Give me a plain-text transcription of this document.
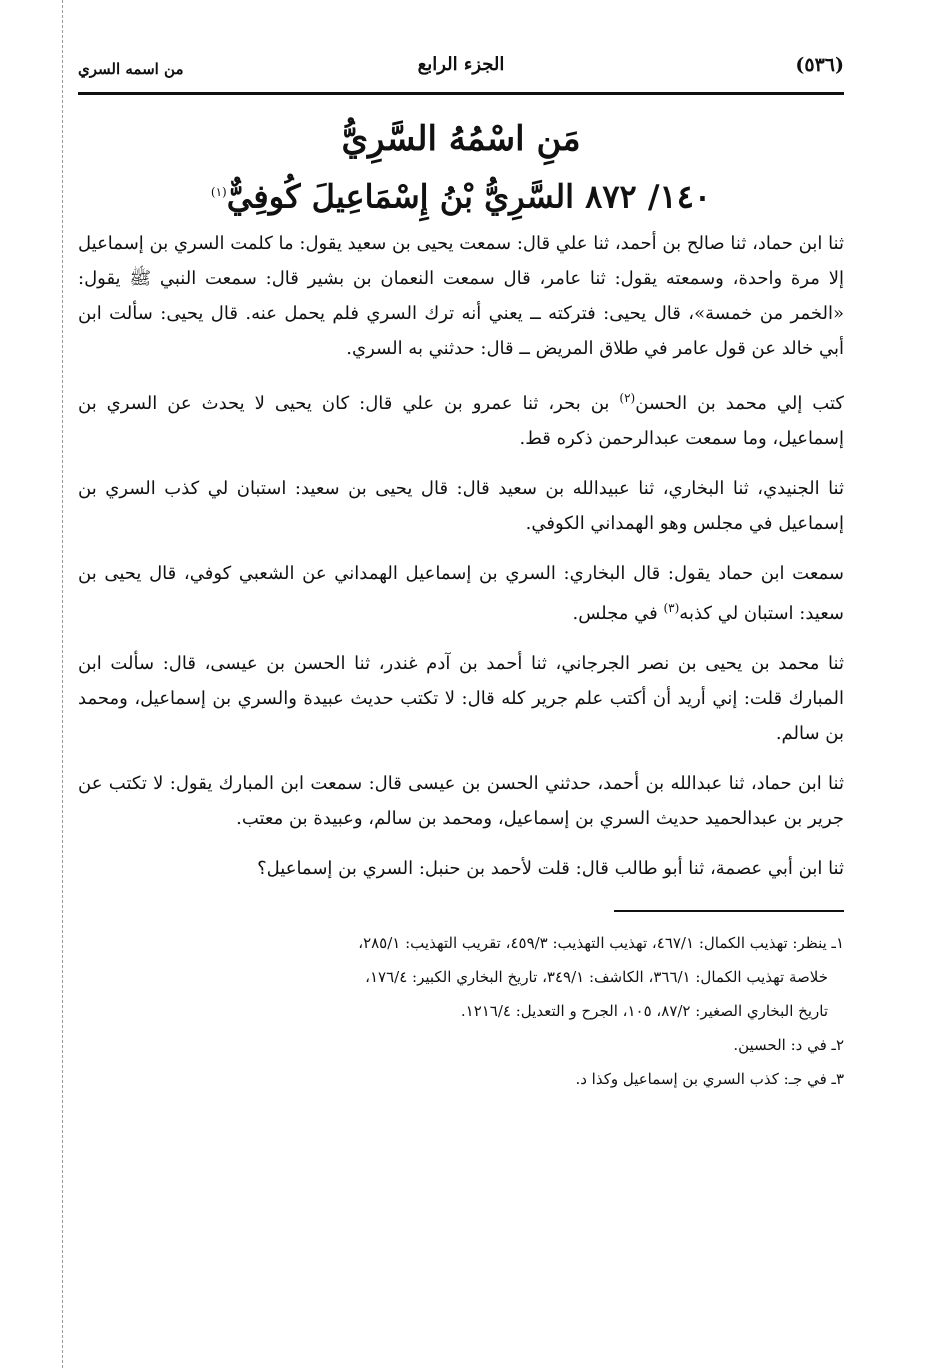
(٥٣٦)
الجزء الرابع
من اسمه السري
مَنِ اسْمُهُ السَّرِيُّ
١٤٠/ ٨٧٢ السَّرِيُّ بْنُ إِسْمَاعِيلَ كُوفِيٌّ$^{(١)}$

ثنا ابن حماد، ثنا صالح بن أحمد، ثنا علي قال: سمعت يحيى بن سعيد يقول: ما كلمت السري بن إسماعيل إلا مرة واحدة، وسمعته يقول: ثنا عامر، قال سمعت النعمان بن بشير قال: سمعت النبي ﷺ يقول: «الخمر من خمسة»، قال يحيى: فتركته ــ يعني أنه ترك السري فلم يحمل عنه. قال يحيى: سألت ابن أبي خالد عن قول عامر في طلاق المريض ــ قال: حدثني به السري.

كتب إلي محمد بن الحسن$^{(٢)}$ بن بحر، ثنا عمرو بن علي قال: كان يحيى لا يحدث عن السري بن إسماعيل، وما سمعت عبدالرحمن ذكره قط.

ثنا الجنيدي، ثنا البخاري، ثنا عبيدالله بن سعيد قال: قال يحيى بن سعيد: استبان لي كذب السري بن إسماعيل في مجلس وهو الهمداني الكوفي.

سمعت ابن حماد يقول: قال البخاري: السري بن إسماعيل الهمداني عن الشعبي كوفي، قال يحيى بن سعيد: استبان لي كذبه$^{(٣)}$ في مجلس.

ثنا محمد بن يحيى بن نصر الجرجاني، ثنا أحمد بن آدم غندر، ثنا الحسن بن عيسى، قال: سألت ابن المبارك قلت: إني أريد أن أكتب علم جرير كله قال: لا تكتب حديث عبيدة والسري بن إسماعيل، ومحمد بن سالم.

ثنا ابن حماد، ثنا عبدالله بن أحمد، حدثني الحسن بن عيسى قال: سمعت ابن المبارك يقول: لا تكتب عن جرير بن عبدالحميد حديث السري بن إسماعيل، ومحمد بن سالم، وعبيدة بن معتب.

ثنا ابن أبي عصمة، ثنا أبو طالب قال: قلت لأحمد بن حنبل: السري بن إسماعيل؟

١ـ ينظر: تهذيب الكمال: ٤٦٧/١، تهذيب التهذيب: ٤٥٩/٣، تقريب التهذيب: ٢٨٥/١،

خلاصة تهذيب الكمال: ٣٦٦/١، الكاشف: ٣٤٩/١، تاريخ البخاري الكبير: ١٧٦/٤،

تاريخ البخاري الصغير: ٨٧/٢، ١٠٥، الجرح و التعديل: ١٢١٦/٤.

٢ـ في د: الحسين.

٣ـ في جـ: كذب السري بن إسماعيل وكذا د.
